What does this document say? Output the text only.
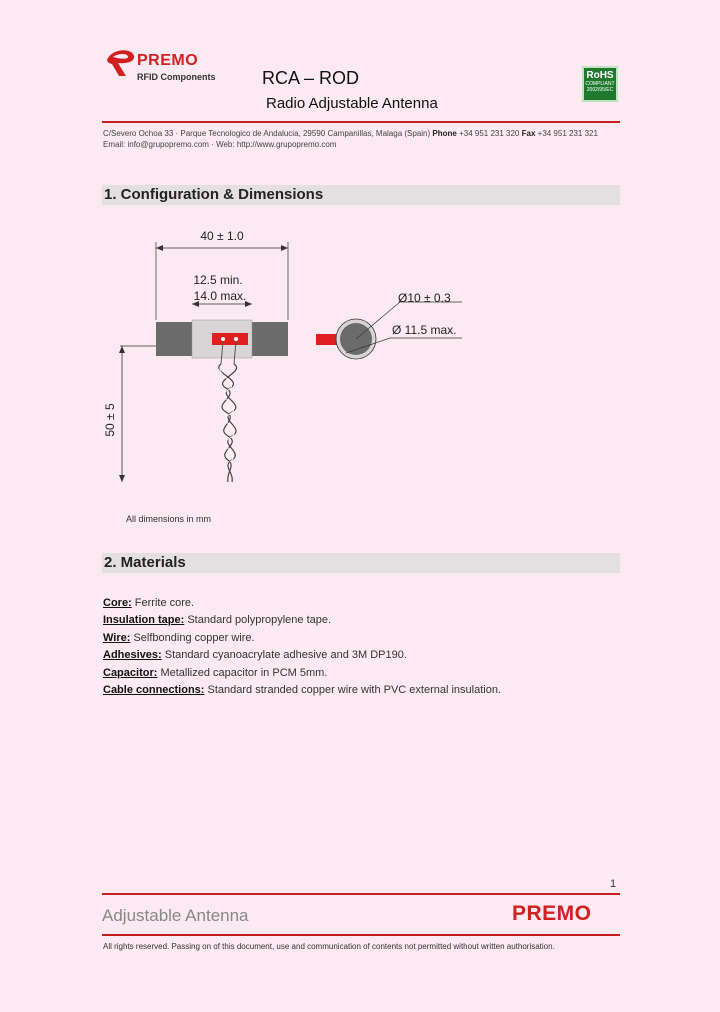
PREMO
RFID Components	RCA – ROD
Radio Adjustable Antenna
RoHS
COMPLIANT
2002/95/EC
C/Severo Ochoa 33 · Parque Tecnologico de Andalucia, 29590 Campanillas, Malaga (Spain) Phone +34 951 231 320 Fax +34 951 231 321
Email: info@grupopremo.com · Web: http://www.grupopremo.com
1. Configuration & Dimensions
40 ± 1.0
12.5 min.
14.0 max.
50 ± 5
Ø10 ± 0.3
Ø 11.5 max.
All dimensions in mm
2. Materials
Core: Ferrite core.
Insulation tape: Standard polypropylene tape.
Wire: Selfbonding copper wire.
Adhesives: Standard cyanoacrylate adhesive and 3M DP190.
Capacitor: Metallized capacitor in PCM 5mm.
Cable connections: Standard stranded copper wire with PVC external insulation.
1
Adjustable Antenna	PREMO
All rights reserved. Passing on of this document, use and communication of contents not permitted without written authorisation.
